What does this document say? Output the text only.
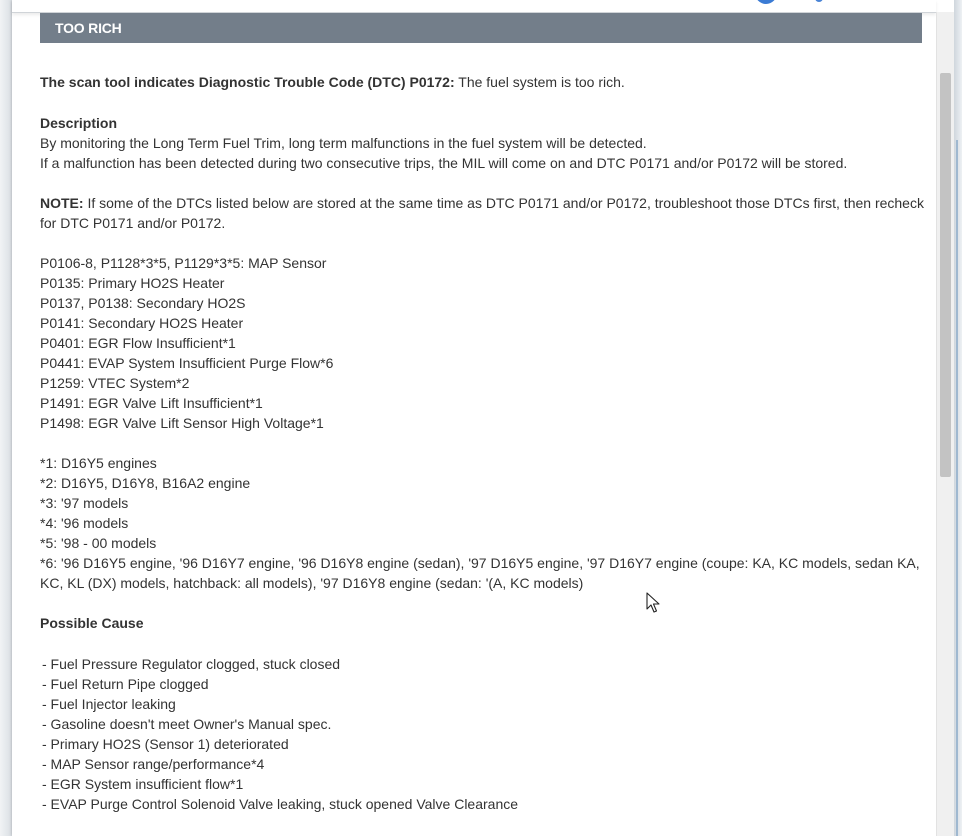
TOO RICH

The scan tool indicates Diagnostic Trouble Code (DTC) P0172: The fuel system is too rich.

Description

By monitoring the Long Term Fuel Trim, long term malfunctions in the fuel system will be detected.

If a malfunction has been detected during two consecutive trips, the MIL will come on and DTC P0171 and/or P0172 will be stored.

NOTE: If some of the DTCs listed below are stored at the same time as DTC P0171 and/or P0172, troubleshoot those DTCs first, then recheck for DTC P0171 and/or P0172.

P0106-8, P1128*3*5, P1129*3*5: MAP Sensor

P0135: Primary HO2S Heater

P0137, P0138: Secondary HO2S

P0141: Secondary HO2S Heater

P0401: EGR Flow Insufficient*1

P0441: EVAP System Insufficient Purge Flow*6

P1259: VTEC System*2

P1491: EGR Valve Lift Insufficient*1

P1498: EGR Valve Lift Sensor High Voltage*1

*1: D16Y5 engines

*2: D16Y5, D16Y8, B16A2 engine

*3: '97 models

*4: '96 models

*5: '98 - 00 models

*6: '96 D16Y5 engine, '96 D16Y7 engine, '96 D16Y8 engine (sedan), '97 D16Y5 engine, '97 D16Y7 engine (coupe: KA, KC models, sedan KA, KC, KL (DX) models, hatchback: all models), '97 D16Y8 engine (sedan: '(A, KC models)

Possible Cause

- Fuel Pressure Regulator clogged, stuck closed

- Fuel Return Pipe clogged

- Fuel Injector leaking

- Gasoline doesn't meet Owner's Manual spec.

- Primary HO2S (Sensor 1) deteriorated

- MAP Sensor range/performance*4

- EGR System insufficient flow*1

- EVAP Purge Control Solenoid Valve leaking, stuck opened Valve Clearance
